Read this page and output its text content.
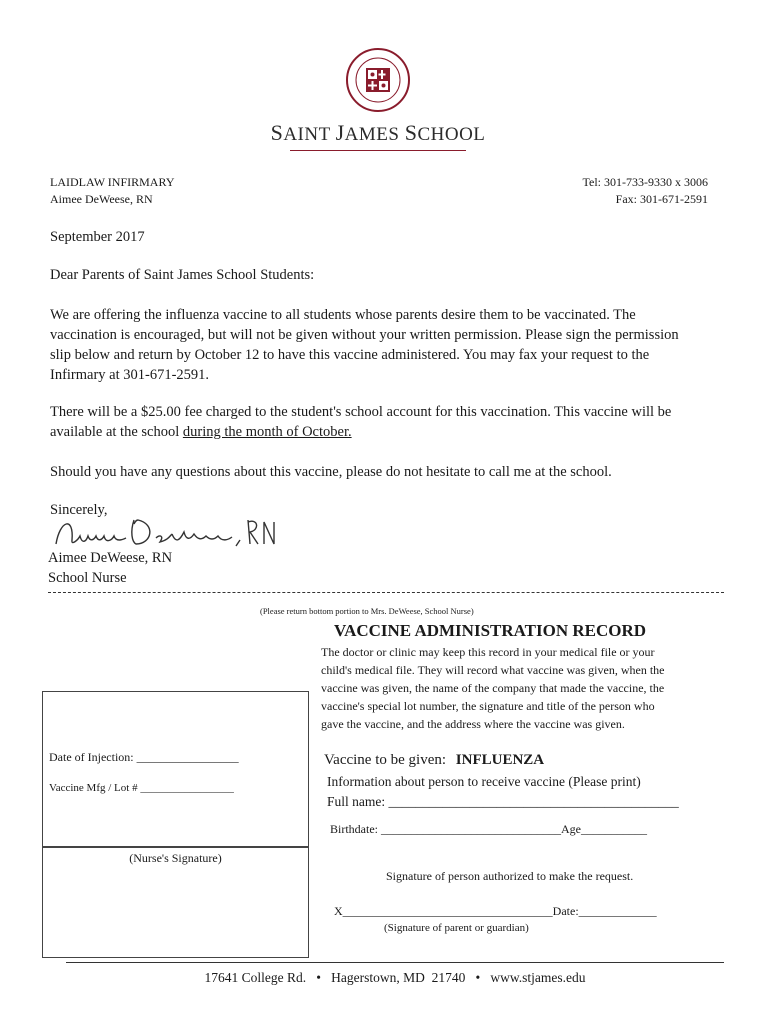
SAINT JAMES SCHOOL
LAIDLAW INFIRMARY
Aimee DeWeese, RN
Tel: 301-733-9330 x 3006
Fax: 301-671-2591
September 2017
Dear Parents of Saint James School Students:
We are offering the influenza vaccine to all students whose parents desire them to be vaccinated. The
vaccination is encouraged, but will not be given without your written permission. Please sign the permission
slip below and return by October 12 to have this vaccine administered. You may fax your request to the
Infirmary at 301-671-2591.
There will be a $25.00 fee charged to the student's school account for this vaccination. This vaccine will be
available at the school during the month of October.
Should you have any questions about this vaccine, please do not hesitate to call me at the school.
Sincerely,
Aimee DeWeese, RN
School Nurse
(Please return bottom portion to Mrs. DeWeese, School Nurse)
VACCINE ADMINISTRATION RECORD
The doctor or clinic may keep this record in your medical file or your
child's medical file. They will record what vaccine was given, when the
vaccine was given, the name of the company that made the vaccine, the
vaccine's special lot number, the signature and title of the person who
gave the vaccine, and the address where the vaccine was given.
Date of Injection: _________________
Vaccine Mfg / Lot # _________________
(Nurse's Signature)
Vaccine to be given: INFLUENZA
Information about person to receive vaccine (Please print)
Full name: ___________________________________________
Birthdate: ______________________________Age___________
Signature of person authorized to make the request.
X___________________________________Date:_____________
(Signature of parent or guardian)
17641 College Rd. • Hagerstown, MD  21740 • www.stjames.edu
